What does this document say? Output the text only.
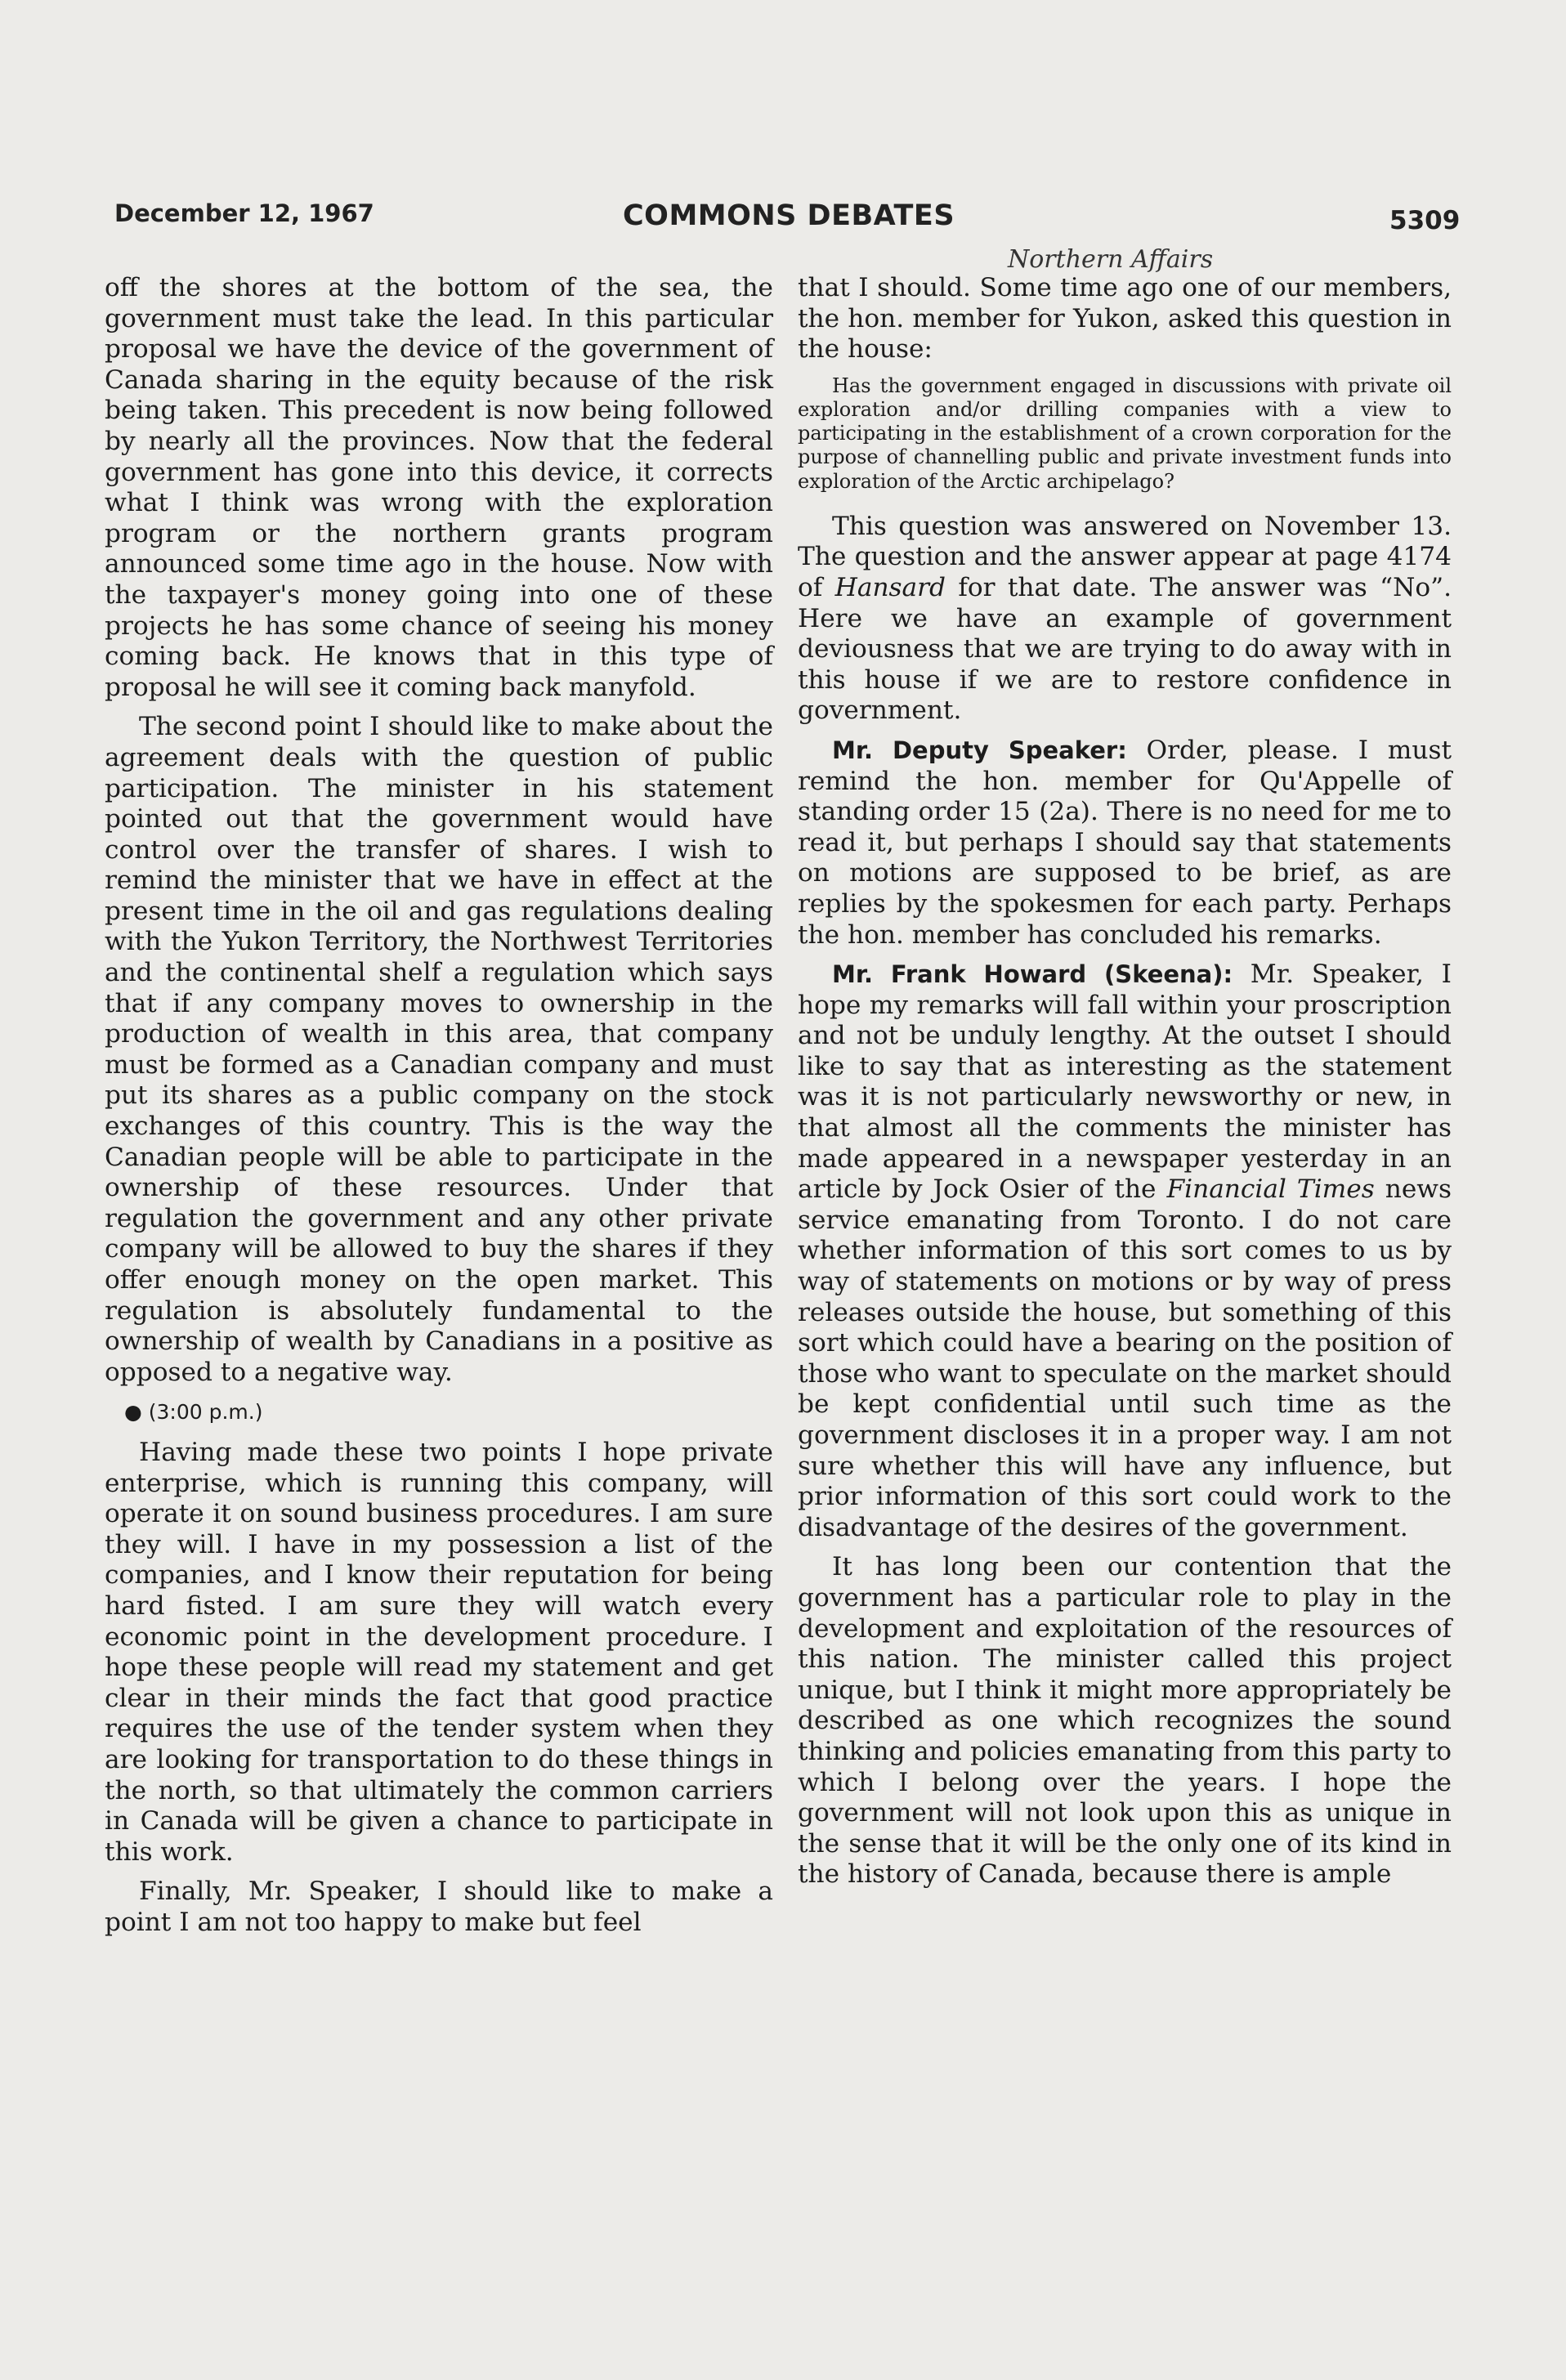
December 12, 1967	COMMONS DEBATES	5309
Northern Affairs

off the shores at the bottom of the sea, the government must take the lead. In this particular proposal we have the device of the government of Canada sharing in the equity because of the risk being taken. This precedent is now being followed by nearly all the provinces. Now that the federal government has gone into this device, it corrects what I think was wrong with the exploration program or the northern grants program announced some time ago in the house. Now with the taxpayer's money going into one of these projects he has some chance of seeing his money coming back. He knows that in this type of proposal he will see it coming back manyfold.

The second point I should like to make about the agreement deals with the question of public participation. The minister in his statement pointed out that the government would have control over the transfer of shares. I wish to remind the minister that we have in effect at the present time in the oil and gas regulations dealing with the Yukon Territory, the Northwest Territories and the continental shelf a regulation which says that if any company moves to ownership in the production of wealth in this area, that company must be formed as a Canadian company and must put its shares as a public company on the stock exchanges of this country. This is the way the Canadian people will be able to participate in the ownership of these resources. Under that regulation the government and any other private company will be allowed to buy the shares if they offer enough money on the open market. This regulation is absolutely fundamental to the ownership of wealth by Canadians in a positive as opposed to a negative way.

● (3:00 p.m.)

Having made these two points I hope private enterprise, which is running this company, will operate it on sound business procedures. I am sure they will. I have in my possession a list of the companies, and I know their reputation for being hard fisted. I am sure they will watch every economic point in the development procedure. I hope these people will read my statement and get clear in their minds the fact that good practice requires the use of the tender system when they are looking for transportation to do these things in the north, so that ultimately the common carriers in Canada will be given a chance to participate in this work.

Finally, Mr. Speaker, I should like to make a point I am not too happy to make but feel

that I should. Some time ago one of our members, the hon. member for Yukon, asked this question in the house:

Has the government engaged in discussions with private oil exploration and/or drilling companies with a view to participating in the establishment of a crown corporation for the purpose of channelling public and private investment funds into exploration of the Arctic archipelago?

This question was answered on November 13. The question and the answer appear at page 4174 of Hansard for that date. The answer was “No”. Here we have an example of government deviousness that we are trying to do away with in this house if we are to restore confidence in government.

Mr. Deputy Speaker: Order, please. I must remind the hon. member for Qu'Appelle of standing order 15 (2a). There is no need for me to read it, but perhaps I should say that statements on motions are supposed to be brief, as are replies by the spokesmen for each party. Perhaps the hon. member has concluded his remarks.

Mr. Frank Howard (Skeena): Mr. Speaker, I hope my remarks will fall within your proscription and not be unduly lengthy. At the outset I should like to say that as interesting as the statement was it is not particularly newsworthy or new, in that almost all the comments the minister has made appeared in a newspaper yesterday in an article by Jock Osier of the Financial Times news service emanating from Toronto. I do not care whether information of this sort comes to us by way of statements on motions or by way of press releases outside the house, but something of this sort which could have a bearing on the position of those who want to speculate on the market should be kept confidential until such time as the government discloses it in a proper way. I am not sure whether this will have any influence, but prior information of this sort could work to the disadvantage of the desires of the government.

It has long been our contention that the government has a particular role to play in the development and exploitation of the resources of this nation. The minister called this project unique, but I think it might more appropriately be described as one which recognizes the sound thinking and policies emanating from this party to which I belong over the years. I hope the government will not look upon this as unique in the sense that it will be the only one of its kind in the history of Canada, because there is ample
